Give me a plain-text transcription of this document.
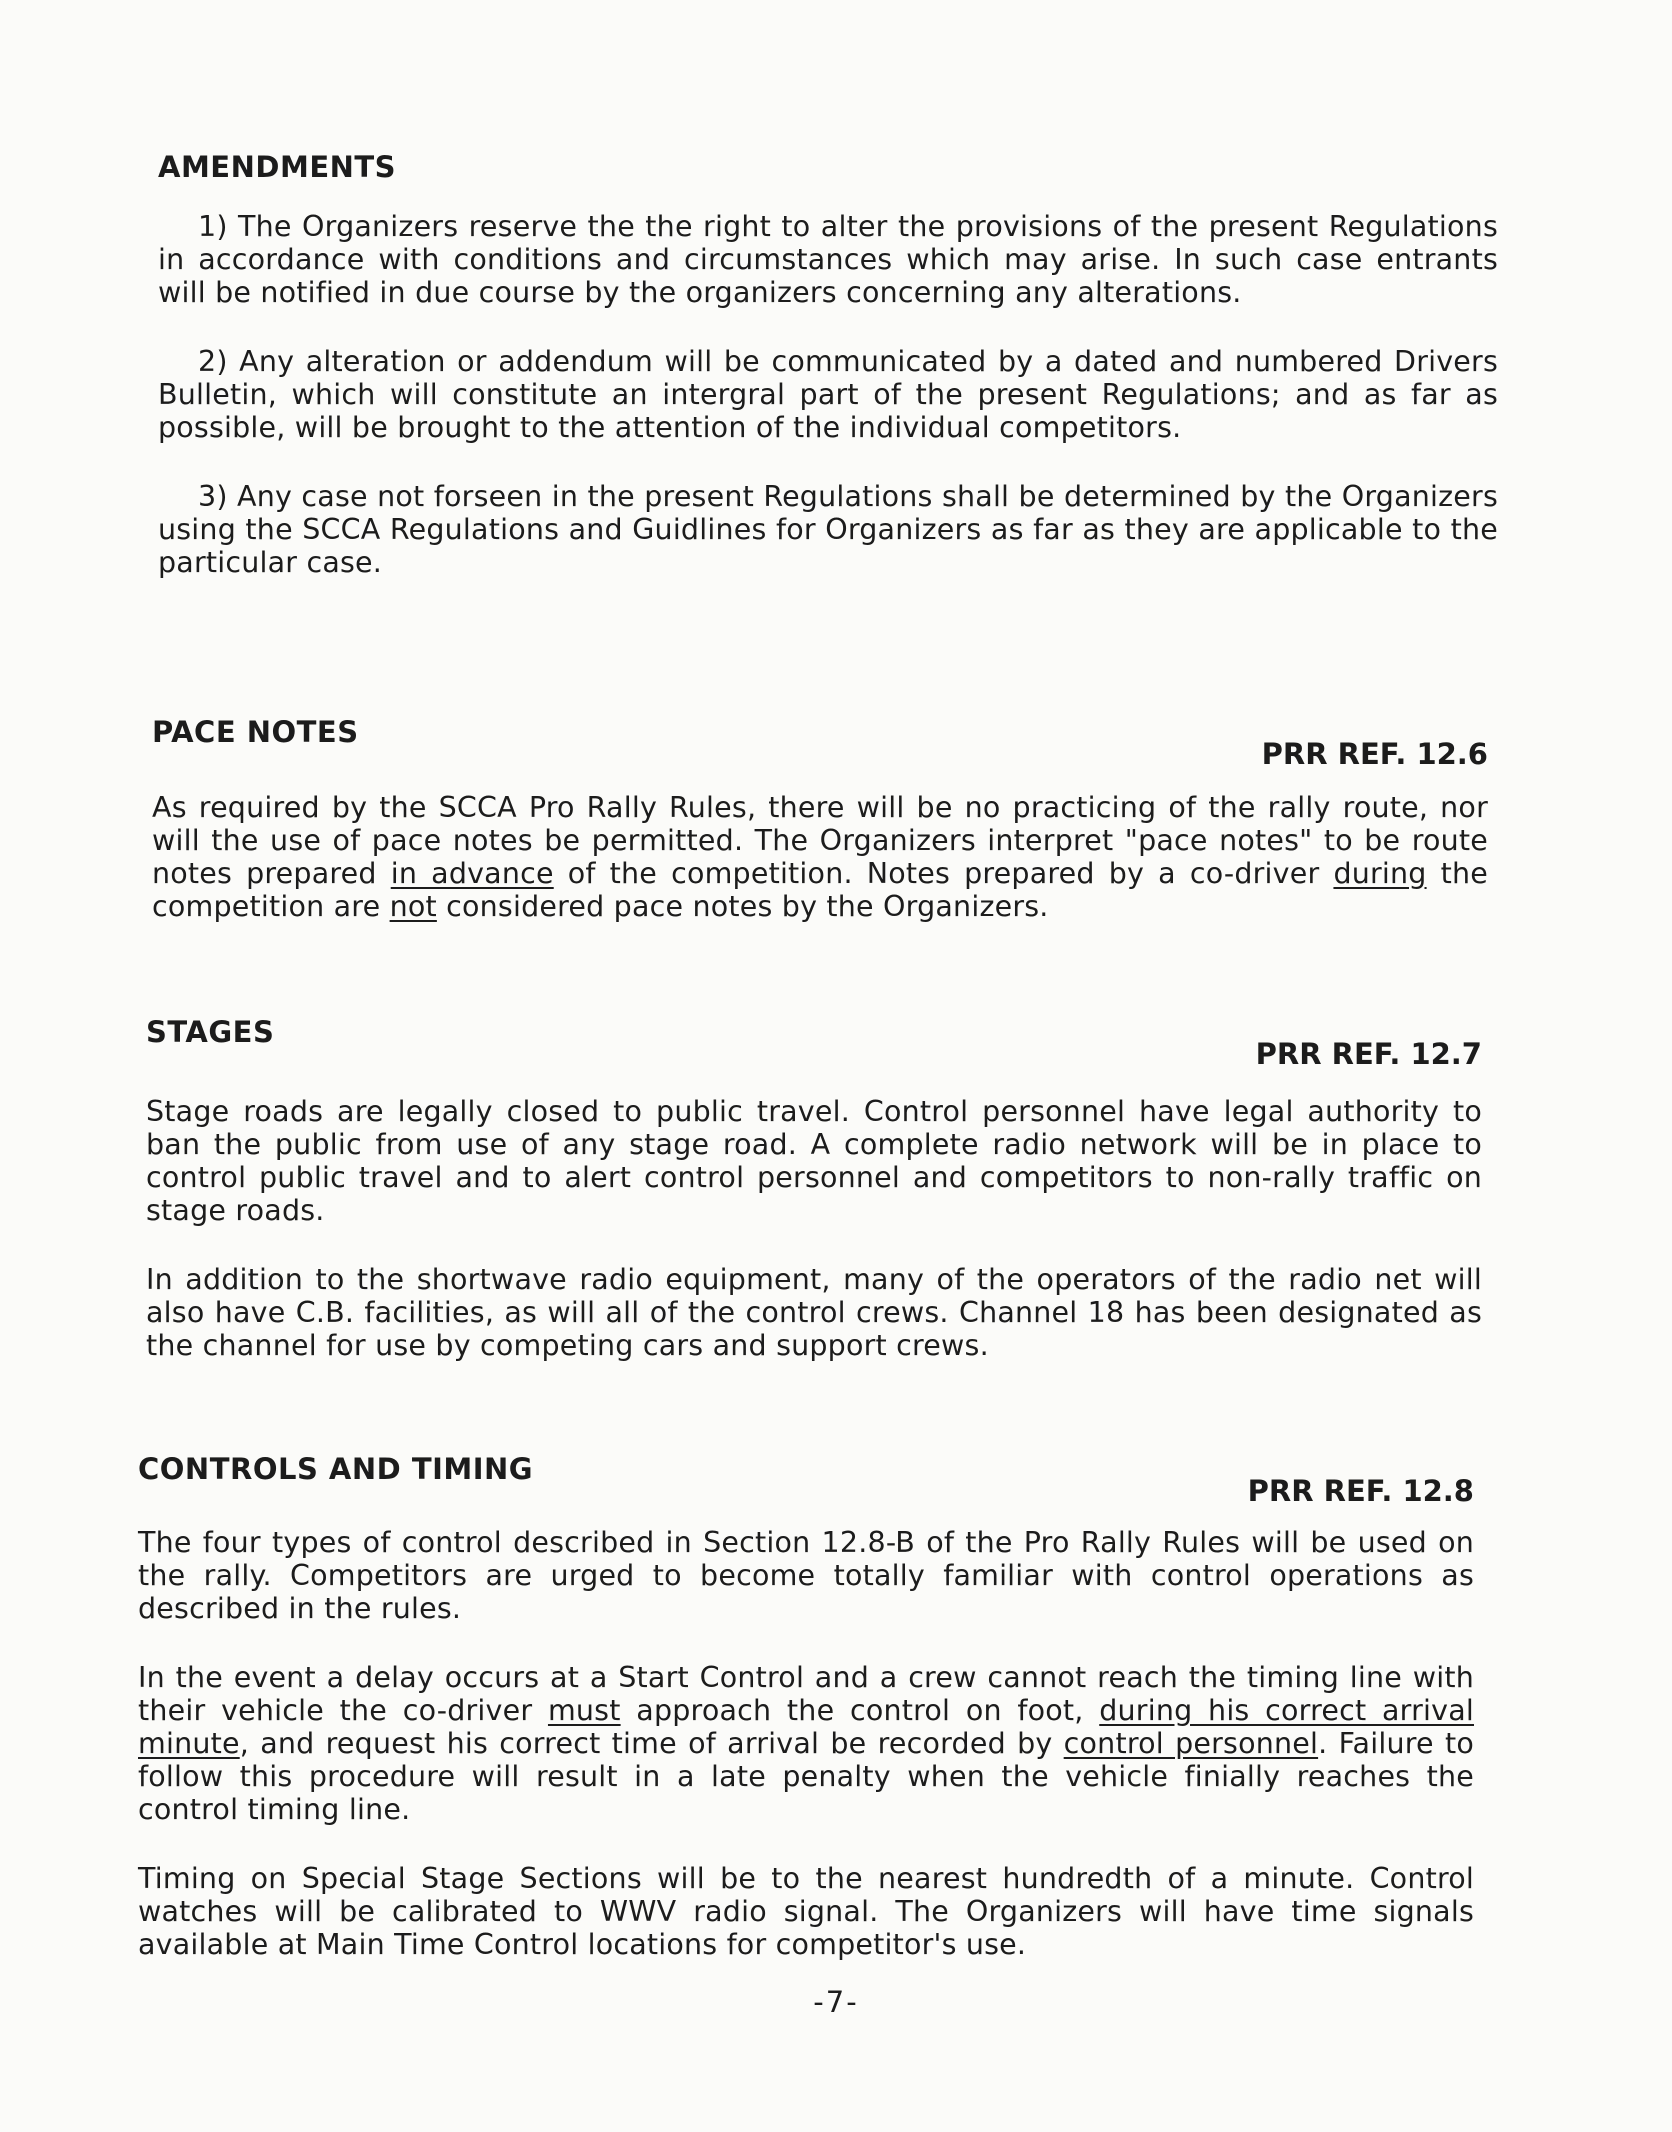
AMENDMENTS

1) The Organizers reserve the the right to alter the provisions of the present Regulations in accordance with conditions and circumstances which may arise. In such case entrants will be notified in due course by the organizers concerning any alterations.

2) Any alteration or addendum will be communicated by a dated and numbered Drivers Bulletin, which will constitute an intergral part of the present Regulations; and as far as possible, will be brought to the attention of the individual competitors.

3) Any case not forseen in the present Regulations shall be determined by the Organizers using the SCCA Regulations and Guidlines for Organizers as far as they are applicable to the particular case.

PACE NOTES
PRR REF. 12.6

As required by the SCCA Pro Rally Rules, there will be no practicing of the rally route, nor will the use of pace notes be permitted. The Organizers interpret "pace notes" to be route notes prepared in advance of the competition. Notes prepared by a co-driver during the competition are not considered pace notes by the Organizers.

STAGES
PRR REF. 12.7

Stage roads are legally closed to public travel. Control personnel have legal authority to ban the public from use of any stage road. A complete radio network will be in place to control public travel and to alert control personnel and competitors to non-rally traffic on stage roads.

In addition to the shortwave radio equipment, many of the operators of the radio net will also have C.B. facilities, as will all of the control crews. Channel 18 has been designated as the channel for use by competing cars and support crews.

CONTROLS AND TIMING
PRR REF. 12.8

The four types of control described in Section 12.8-B of the Pro Rally Rules will be used on the rally. Competitors are urged to become totally familiar with control operations as described in the rules.

In the event a delay occurs at a Start Control and a crew cannot reach the timing line with their vehicle the co-driver must approach the control on foot, during his correct arrival minute, and request his correct time of arrival be recorded by control personnel. Failure to follow this procedure will result in a late penalty when the vehicle finially reaches the control timing line.

Timing on Special Stage Sections will be to the nearest hundredth of a minute. Control watches will be calibrated to WWV radio signal. The Organizers will have time signals available at Main Time Control locations for competitor's use.

-7-
